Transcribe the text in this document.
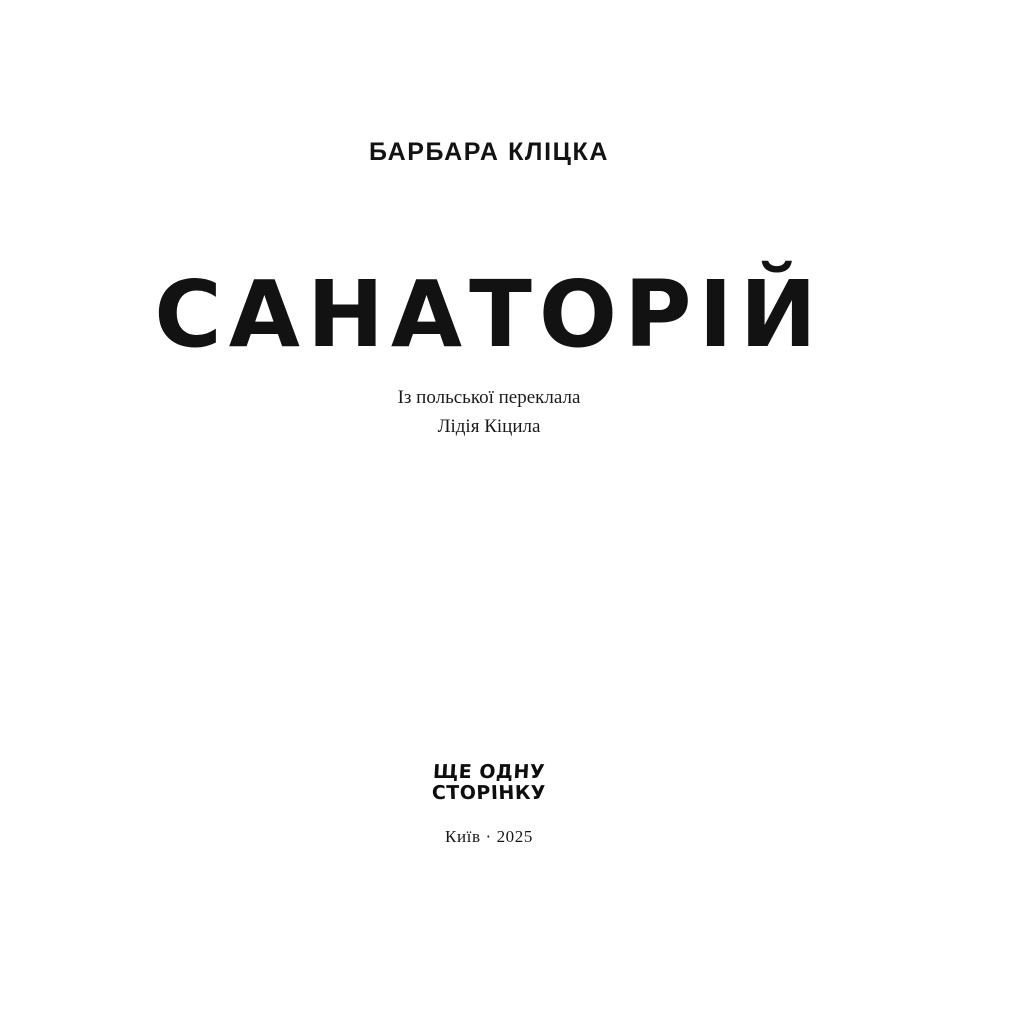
БАРБАРА КЛІЦКА
САНАТОРІЙ
Із польської переклала
Лідія Кіцила
ЩЕ ОДНУ
СТОРІНКУ
Київ · 2025
